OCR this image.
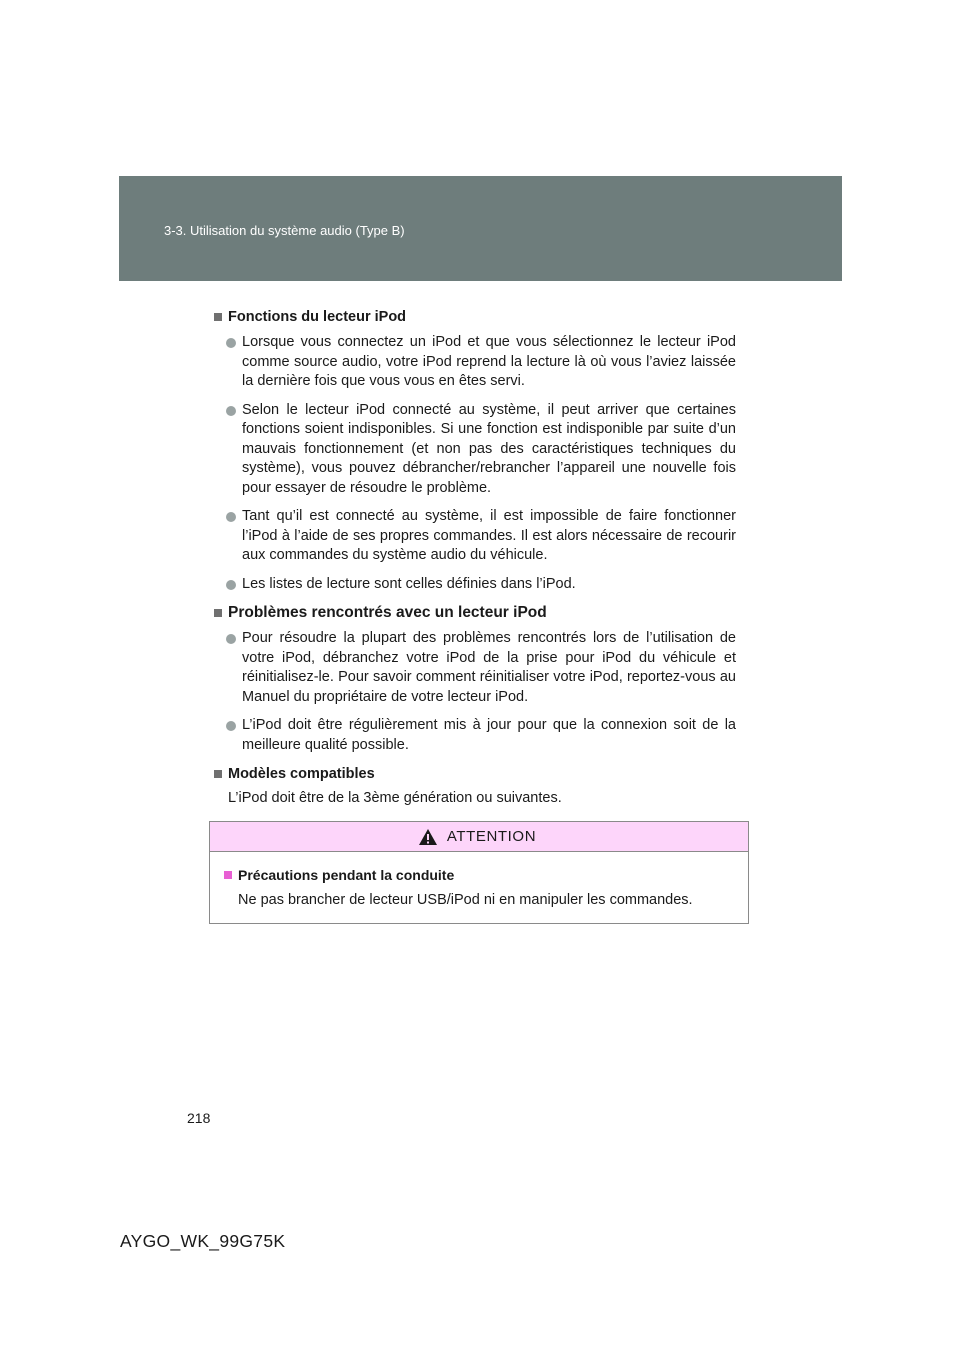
3-3. Utilisation du système audio (Type B)
Fonctions du lecteur iPod
Lorsque vous connectez un iPod et que vous sélectionnez le lecteur iPod comme source audio, votre iPod reprend la lecture là où vous l’aviez laissée la dernière fois que vous vous en êtes servi.
Selon le lecteur iPod connecté au système, il peut arriver que certaines fonctions soient indisponibles. Si une fonction est indisponible par suite d’un mauvais fonctionnement (et non pas des caractéristiques techniques du système), vous pouvez débrancher/rebrancher l’appareil une nouvelle fois pour essayer de résoudre le problème.
Tant qu’il est connecté au système, il est impossible de faire fonctionner l’iPod à l’aide de ses propres commandes. Il est alors nécessaire de recourir aux commandes du système audio du véhicule.
Les listes de lecture sont celles définies dans l’iPod.
Problèmes rencontrés avec un lecteur iPod
Pour résoudre la plupart des problèmes rencontrés lors de l’utilisation de votre iPod, débranchez votre iPod de la prise pour iPod du véhicule et réinitialisez-le. Pour savoir comment réinitialiser votre iPod, reportez-vous au Manuel du propriétaire de votre lecteur iPod.
L’iPod doit être régulièrement mis à jour pour que la connexion soit de la meilleure qualité possible.
Modèles compatibles
L’iPod doit être de la 3ème génération ou suivantes.
ATTENTION
Précautions pendant la conduite
Ne pas brancher de lecteur USB/iPod ni en manipuler les commandes.
218
AYGO_WK_99G75K
